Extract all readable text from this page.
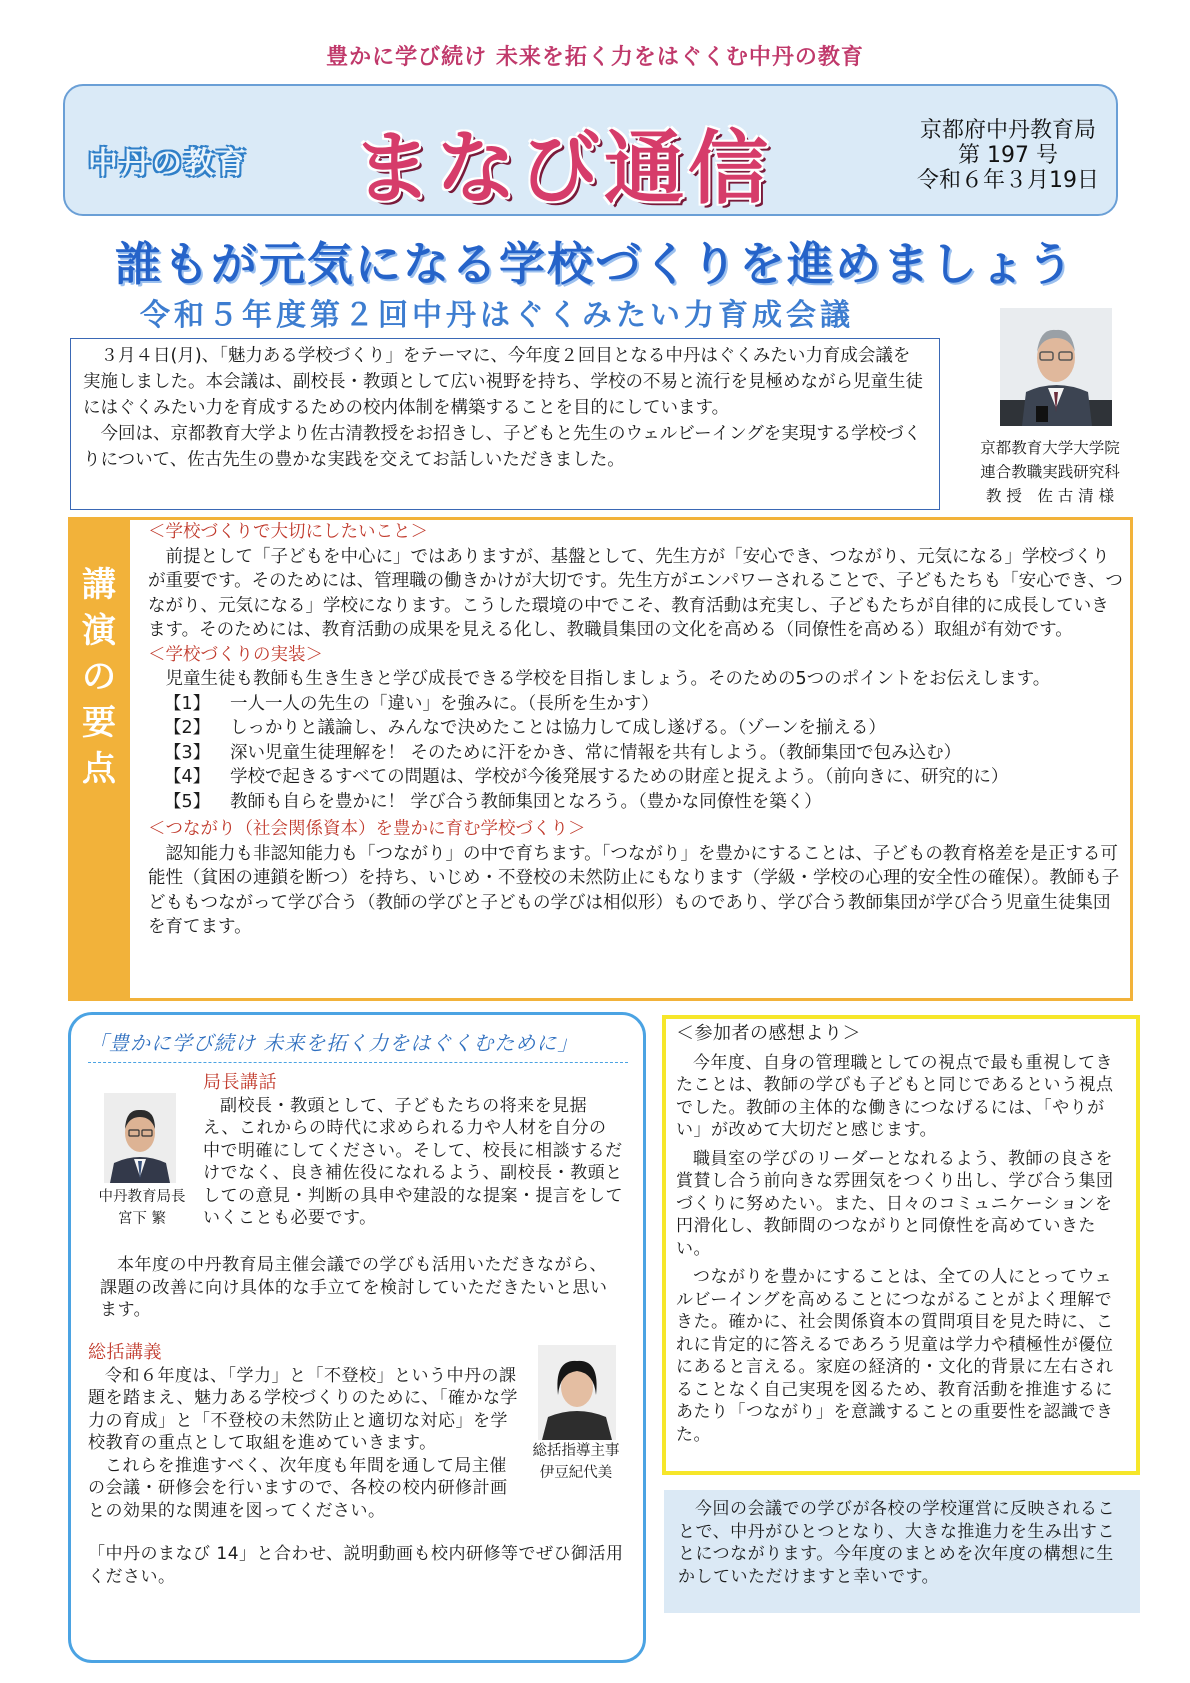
豊かに学び続け 未来を拓く力をはぐくむ中丹の教育
中丹の教育 まなび通信	京都府中丹教育局
第 197 号
令和６年３月19日
誰もが元気になる学校づくりを進めましょう
令和５年度第２回中丹はぐくみたい力育成会議

３月４日(月)、「魅力ある学校づくり」をテーマに、今年度２回目となる中丹はぐくみたい力育成会議を実施しました。本会議は、副校長・教頭として広い視野を持ち、学校の不易と流行を見極めながら児童生徒にはぐくみたい力を育成するための校内体制を構築することを目的にしています。

今回は、京都教育大学より佐古清教授をお招きし、子どもと先生のウェルビーイングを実現する学校づくりについて、佐古先生の豊かな実践を交えてお話しいただきました。

京都教育大学大学院
連合教職実践研究科
教 授　佐 古 清 様
講
演
の
要
点
＜学校づくりで大切にしたいこと＞

前提として「子どもを中心に」ではありますが、基盤として、先生方が「安心でき、つながり、元気になる」学校づくりが重要です。そのためには、管理職の働きかけが大切です。先生方がエンパワーされることで、子どもたちも「安心でき、つながり、元気になる」学校になります。こうした環境の中でこそ、教育活動は充実し、子どもたちが自律的に成長していきます。そのためには、教育活動の成果を見える化し、教職員集団の文化を高める（同僚性を高める）取組が有効です。

＜学校づくりの実装＞

児童生徒も教師も生き生きと学び成長できる学校を目指しましょう。そのための5つのポイントをお伝えします。

【1】	一人一人の先生の「違い」を強みに。（長所を生かす）
【2】	しっかりと議論し、みんなで決めたことは協力して成し遂げる。（ゾーンを揃える）
【3】	深い児童生徒理解を！ そのために汗をかき、常に情報を共有しよう。（教師集団で包み込む）
【4】	学校で起きるすべての問題は、学校が今後発展するための財産と捉えよう。（前向きに、研究的に）
【5】	教師も自らを豊かに！ 学び合う教師集団となろう。（豊かな同僚性を築く）
＜つながり（社会関係資本）を豊かに育む学校づくり＞

認知能力も非認知能力も「つながり」の中で育ちます。「つながり」を豊かにすることは、子どもの教育格差を是正する可能性（貧困の連鎖を断つ）を持ち、いじめ・不登校の未然防止にもなります（学級・学校の心理的安全性の確保）。教師も子どももつながって学び合う（教師の学びと子どもの学びは相似形）ものであり、学び合う教師集団が学び合う児童生徒集団を育てます。

「豊かに学び続け 未来を拓く力をはぐくむために」
中丹教育局長
宮下 繁
局長講話

副校長・教頭として、子どもたちの将来を見据え、これからの時代に求められる力や人材を自分の中で明確にしてください。そして、校長に相談するだけでなく、良き補佐役になれるよう、副校長・教頭としての意見・判断の具申や建設的な提案・提言をしていくことも必要です。

本年度の中丹教育局主催会議での学びも活用いただきながら、課題の改善に向け具体的な手立てを検討していただきたいと思います。

総括講義

令和６年度は、「学力」と「不登校」という中丹の課題を踏まえ、魅力ある学校づくりのために、「確かな学力の育成」と「不登校の未然防止と適切な対応」を学校教育の重点として取組を進めていきます。

これらを推進すべく、次年度も年間を通して局主催の会議・研修会を行いますので、各校の校内研修計画との効果的な関連を図ってください。

「中丹のまなび 14」と合わせ、説明動画も校内研修等でぜひ御活用ください。

総括指導主事
伊豆紀代美
＜参加者の感想より＞

今年度、自身の管理職としての視点で最も重視してきたことは、教師の学びも子どもと同じであるという視点でした。教師の主体的な働きにつなげるには、「やりがい」が改めて大切だと感じます。

職員室の学びのリーダーとなれるよう、教師の良さを賞賛し合う前向きな雰囲気をつくり出し、学び合う集団づくりに努めたい。また、日々のコミュニケーションを円滑化し、教師間のつながりと同僚性を高めていきたい。

つながりを豊かにすることは、全ての人にとってウェルビーイングを高めることにつながることがよく理解できた。確かに、社会関係資本の質問項目を見た時に、これに肯定的に答えるであろう児童は学力や積極性が優位にあると言える。家庭の経済的・文化的背景に左右されることなく自己実現を図るため、教育活動を推進するにあたり「つながり」を意識することの重要性を認識できた。

今回の会議での学びが各校の学校運営に反映されることで、中丹がひとつとなり、大きな推進力を生み出すことにつながります。今年度のまとめを次年度の構想に生かしていただけますと幸いです。
